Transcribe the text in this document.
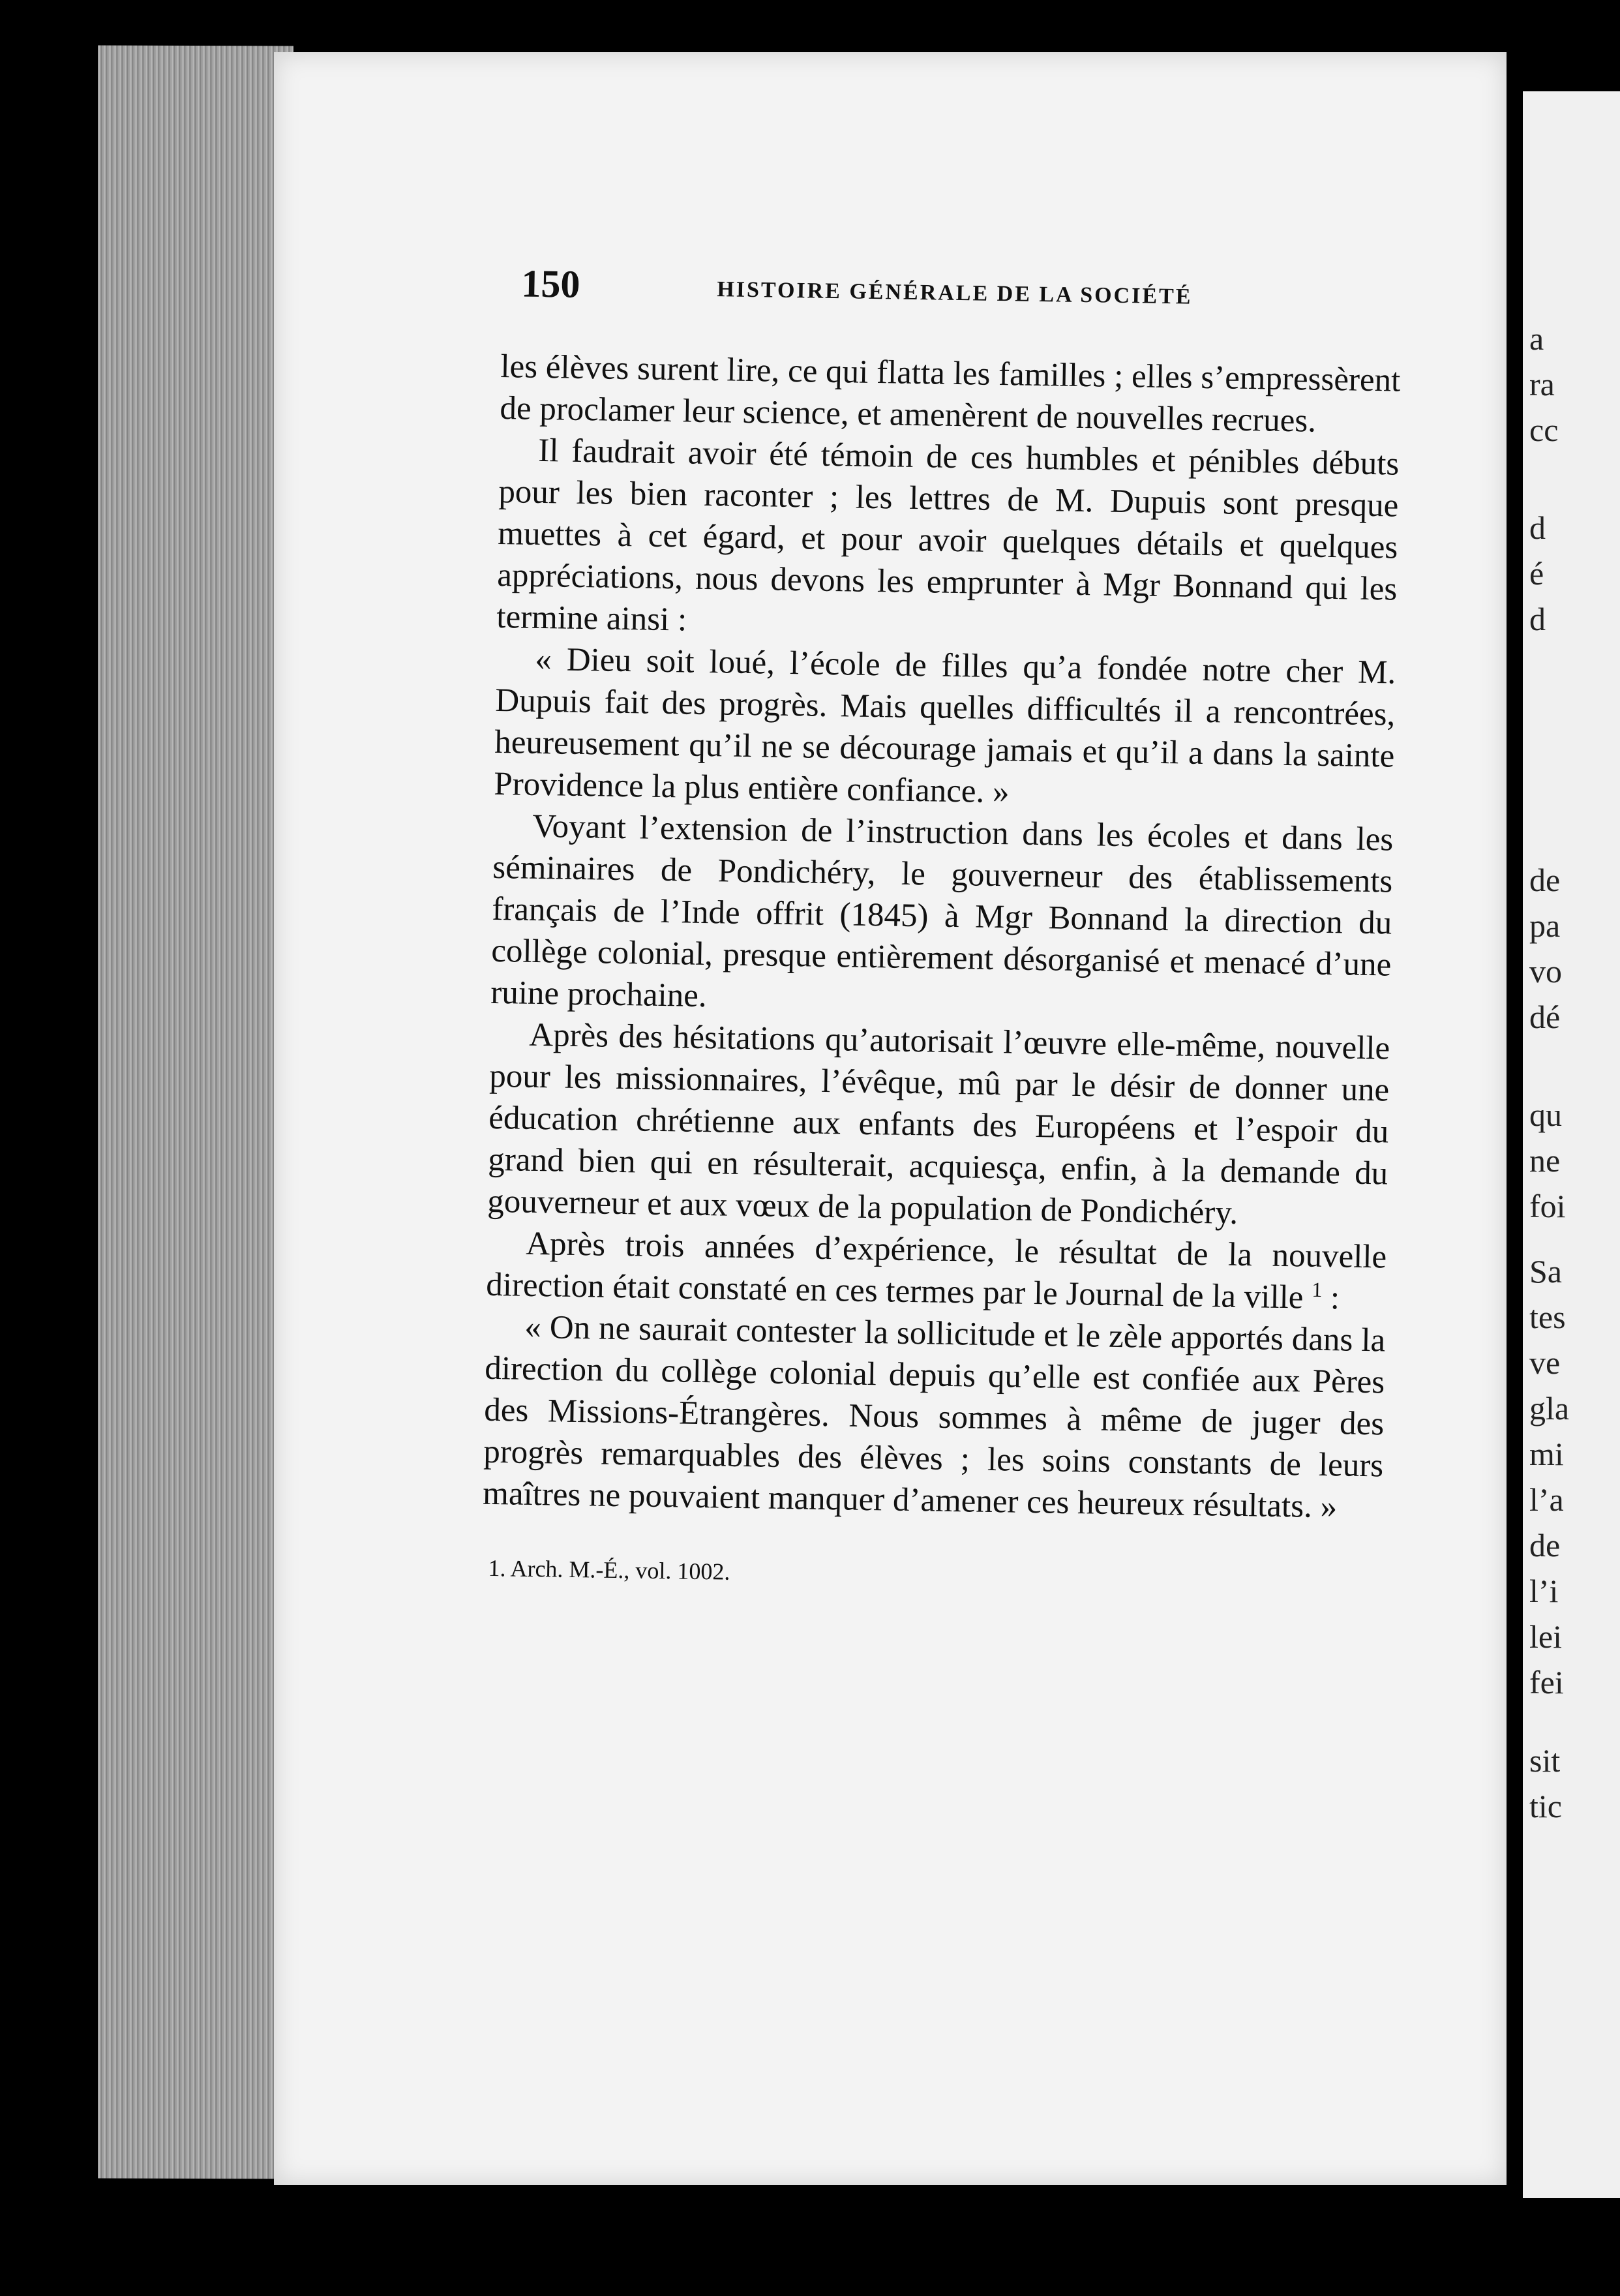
a
ra
cc
d
é
d
de
pa
vo
dé
qu
ne
foi
Sa
tes
ve
gla
mi
l’a
de
l’i
lei
fei
sit
tic
150	HISTOIRE GÉNÉRALE DE LA SOCIÉTÉ

les élèves surent lire, ce qui flatta les familles ; elles s’empressèrent de proclamer leur science, et amenèrent de nouvelles recrues.

Il faudrait avoir été témoin de ces humbles et pénibles débuts pour les bien raconter ; les lettres de M. Dupuis sont presque muettes à cet égard, et pour avoir quelques détails et quelques appréciations, nous devons les emprunter à Mgr Bonnand qui les termine ainsi :

« Dieu soit loué, l’école de filles qu’a fondée notre cher M. Dupuis fait des progrès. Mais quelles difficultés il a rencontrées, heureusement qu’il ne se décourage jamais et qu’il a dans la sainte Providence la plus entière confiance. »

Voyant l’extension de l’instruction dans les écoles et dans les séminaires de Pondichéry, le gouverneur des établissements français de l’Inde offrit (1845) à Mgr Bonnand la direction du collège colonial, presque entièrement désorganisé et menacé d’une ruine prochaine.

Après des hésitations qu’autorisait l’œuvre elle-même, nouvelle pour les missionnaires, l’évêque, mû par le désir de donner une éducation chrétienne aux enfants des Européens et l’espoir du grand bien qui en résulterait, acquiesça, enfin, à la demande du gouverneur et aux vœux de la population de Pondichéry.

Après trois années d’expérience, le résultat de la nouvelle direction était constaté en ces termes par le Journal de la ville $^1$ :

« On ne saurait contester la sollicitude et le zèle apportés dans la direction du collège colonial depuis qu’elle est confiée aux Pères des Missions-Étrangères. Nous sommes à même de juger des progrès remarquables des élèves ; les soins constants de leurs maîtres ne pouvaient manquer d’amener ces heureux résultats. »

1. Arch. M.-É., vol. 1002.
